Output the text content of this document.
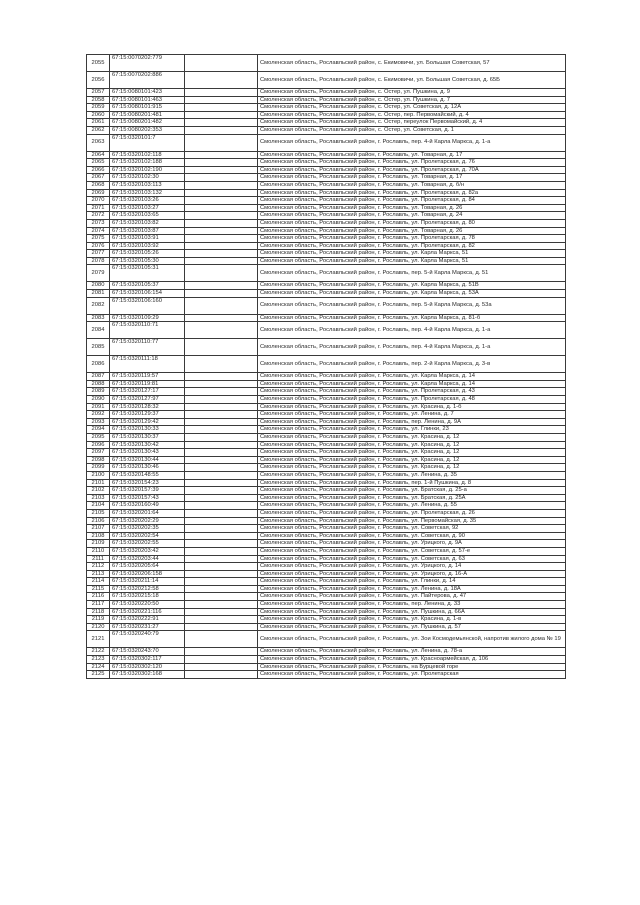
2055	67:15:0070202:779		Смоленская область, Рославльский район, с. Екимовичи, ул. Большая Советская, 57
2056	67:15:0070202:886		Смоленская область, Рославльский район, с. Екимовичи, ул. Большая Советская, д. 65Б
2057	67:15:0080101:423		Смоленская область, Рославльский район, с. Остер, ул. Пушкина, д. 9
2058	67:15:0080101:463		Смоленская область, Рославльский район, с. Остер, ул. Пушкина, д. 7
2059	67:15:0080101:915		Смоленская область, Рославльский район, с. Остер, ул. Советская, д. 12А
2060	67:15:0080201:481		Смоленская область, Рославльский район, с. Остер, пер. Первомайский, д. 4
2061	67:15:0080201:482		Смоленская область, Рославльский район, с. Остер, переулок Первомайский, д. 4
2062	67:15:0080202:353		Смоленская область, Рославльский район, с. Остер, ул. Советская, д. 1
2063	67:15:0320101:7		Смоленская область, Рославльский район, г. Рославль, пер. 4-й Карла Маркса, д. 1-а
2064	67:15:0320102:118		Смоленская область, Рославльский район, г. Рославль, ул. Товарная, д. 17
2065	67:15:0320102:188		Смоленская область, Рославльский район, г. Рославль, ул. Пролетарская, д. 76
2066	67:15:0320102:190		Смоленская область, Рославльский район, г. Рославль, ул. Пролетарская, д. 70А
2067	67:15:0320102:30		Смоленская область, Рославльский район, г. Рославль, ул. Товарная, д. 17
2068	67:15:0320103:113		Смоленская область, Рославльский район, г. Рославль, ул. Товарная, д. б/н
2069	67:15:0320103:132		Смоленская область, Рославльский район, г. Рославль, ул. Пролетарская, д. 82а
2070	67:15:0320103:26		Смоленская область, Рославльский район, г. Рославль, ул. Пролетарская, д. 84
2071	67:15:0320103:27		Смоленская область, Рославльский район, г. Рославль, ул. Товарная, д. 26
2072	67:15:0320103:65		Смоленская область, Рославльский район, г. Рославль, ул. Товарная, д. 24
2073	67:15:0320103:82		Смоленская область, Рославльский район, г. Рославль, ул. Пролетарская, д. 80
2074	67:15:0320103:87		Смоленская область, Рославльский район, г. Рославль, ул. Товарная, д. 26
2075	67:15:0320103:91		Смоленская область, Рославльский район, г. Рославль, ул. Пролетарская, д. 78
2076	67:15:0320103:92		Смоленская область, Рославльский район, г. Рославль, ул. Пролетарская, д. 82
2077	67:15:0320105:26		Смоленская область, Рославльский район, г. Рославль, ул. Карла Маркса, 51
2078	67:15:0320105:30		Смоленская область, Рославльский район, г. Рославль, ул. Карла Маркса, 51
2079	67:15:0320105:31		Смоленская область, Рославльский район, г. Рославль, пер. 5-й Карла Маркса, д. 51
2080	67:15:0320105:37		Смоленская область, Рославльский район, г. Рославль, ул. Карла Маркса, д. 51В
2081	67:15:0320106:154		Смоленская область, Рославльский район, г. Рославль, ул. Карла Маркса, д. 53А
2082	67:15:0320106:160		Смоленская область, Рославльский район, г. Рославль, пер. 5-й Карла Маркса, д. 53а
2083	67:15:0320109:29		Смоленская область, Рославльский район, г. Рославль, ул. Карла Маркса, д. 81-б
2084	67:15:0320110:71		Смоленская область, Рославльский район, г. Рославль, пер. 4-й Карла Маркса, д. 1-а
2085	67:15:0320110:77		Смоленская область, Рославльский район, г. Рославль, пер. 4-й Карла Маркса, д. 1-а
2086	67:15:0320111:18		Смоленская область, Рославльский район, г. Рославль, пер. 2-й Карла Маркса, д. 3-в
2087	67:15:0320119:57		Смоленская область, Рославльский район, г. Рославль, ул. Карла Маркса, д. 14
2088	67:15:0320119:81		Смоленская область, Рославльский район, г. Рославль, ул. Карла Маркса, д. 14
2089	67:15:0320127:17		Смоленская область, Рославльский район, г. Рославль, ул. Пролетарская, д. 43
2090	67:15:0320127:97		Смоленская область, Рославльский район, г. Рославль, ул. Пролетарская, д. 48
2091	67:15:0320128:32		Смоленская область, Рославльский район, г. Рославль, ул. Красина, д. 1-б
2092	67:15:0320129:37		Смоленская область, Рославльский район, г. Рославль, ул. Ленина, д. 7
2093	67:15:0320129:42		Смоленская область, Рославльский район, г. Рославль, пер. Ленина, д. 9А
2094	67:15:0320130:33		Смоленская область, Рославльский район, г. Рославль, ул. Глинки, 23
2095	67:15:0320130:37		Смоленская область, Рославльский район, г. Рославль, ул. Красина, д. 12
2096	67:15:0320130:42		Смоленская область, Рославльский район, г. Рославль, ул. Красина, д. 12
2097	67:15:0320130:43		Смоленская область, Рославльский район, г. Рославль, ул. Красина, д. 12
2098	67:15:0320130:44		Смоленская область, Рославльский район, г. Рославль, ул. Красина, д. 12
2099	67:15:0320130:46		Смоленская область, Рославльский район, г. Рославль, ул. Красина, д. 12
2100	67:15:0320148:55		Смоленская область, Рославльский район, г. Рославль, ул. Ленина, д. 35
2101	67:15:0320154:23		Смоленская область, Рославльский район, г. Рославль, пер. 1-й Пушкина, д. 8
2102	67:15:0320157:39		Смоленская область, Рославльский район, г. Рославль, ул. Братская, д. 25-а
2103	67:15:0320157:43		Смоленская область, Рославльский район, г. Рославль, ул. Братская, д. 25А
2104	67:15:0320160:49		Смоленская область, Рославльский район, г. Рославль, ул. Ленина, д. 55
2105	67:15:0320201:64		Смоленская область, Рославльский район, г. Рославль, ул. Пролетарская, д. 26
2106	67:15:0320202:29		Смоленская область, Рославльский район, г. Рославль, ул. Первомайская, д. 35
2107	67:15:0320202:35		Смоленская область, Рославльский район, г. Рославль, ул. Советская, 92
2108	67:15:0320202:54		Смоленская область, Рославльский район, г. Рославль, ул. Советская, д. 90
2109	67:15:0320202:55		Смоленская область, Рославльский район, г. Рославль, ул. Урицкого, д. 9А
2110	67:15:0320203:42		Смоленская область, Рославльский район, г. Рославль, ул. Советская, д. 57-е
2111	67:15:0320203:44		Смоленская область, Рославльский район, г. Рославль, ул. Советская, д. 63
2112	67:15:0320205:64		Смоленская область, Рославльский район, г. Рославль, ул. Урицкого, д. 14
2113	67:15:0320206:158		Смоленская область, Рославльский район, г. Рославль, ул. Урицкого, д. 16-А
2114	67:15:0320211:14		Смоленская область, Рославльский район, г. Рославль, ул. Глинки, д. 14
2115	67:15:0320212:58		Смоленская область, Рославльский район, г. Рославль, ул. Ленина, д. 18А
2116	67:15:0320215:18		Смоленская область, Рославльский район, г. Рославль, ул. Пайтерова, д. 47
2117	67:15:0320220:50		Смоленская область, Рославльский район, г. Рославль, пер. Ленина, д. 33
2118	67:15:0320221:116		Смоленская область, Рославльский район, г. Рославль, ул. Пушкина, д. 66А
2119	67:15:0320222:91		Смоленская область, Рославльский район, г. Рославль, ул. Красина, д. 1-в
2120	67:15:0320231:27		Смоленская область, Рославльский район, г. Рославль, ул. Пушкина, д. 57
2121	67:15:0320240:79		Смоленская область, Рославльский район, г. Рославль, ул. Зои Космодемьянской, напротив жилого дома № 19
2122	67:15:0320243:70		Смоленская область, Рославльский район, г. Рославль, ул. Ленина, д. 78-а
2123	67:15:0320302:117		Смоленская область, Рославльский район, г. Рославль, ул. Красноармейская, д. 106
2124	67:15:0320302:120		Смоленская область, Рославльский район, г. Рославль, на Бурцевой горе
2125	67:15:0320302:168		Смоленская область, Рославльский район, г. Рославль, ул. Пролетарская
